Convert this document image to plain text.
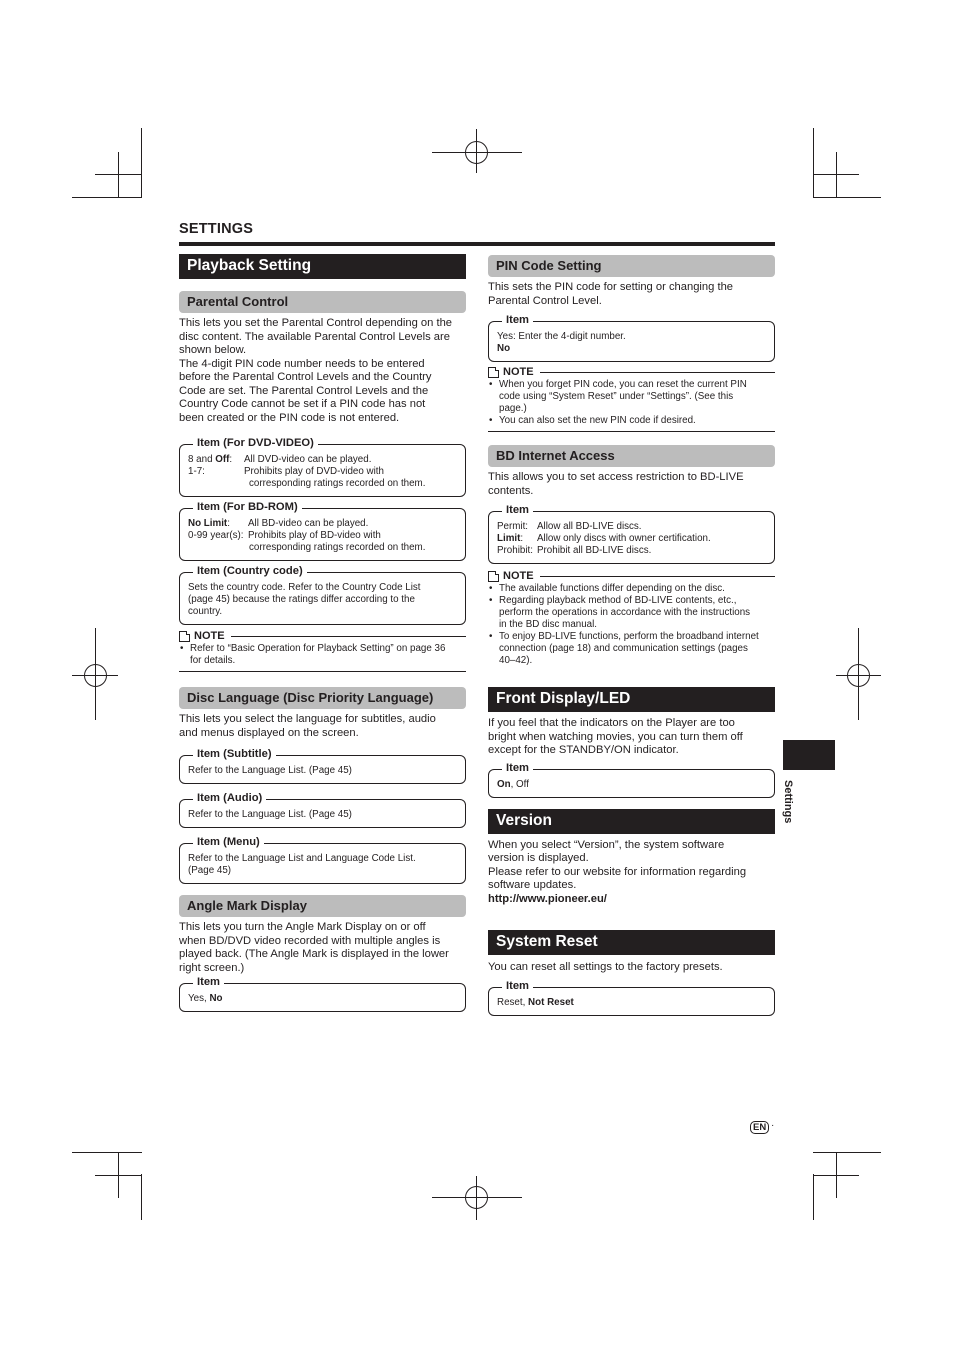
SETTINGS
Playback Setting
Parental Control
This lets you set the Parental Control depending on the
disc content. The available Parental Control Levels are
shown below.
The 4-digit PIN code number needs to be entered
before the Parental Control Levels and the Country
Code are set. The Parental Control Levels and the
Country Code cannot be set if a PIN code has not
been created or the PIN code is not entered.
Item (For DVD-VIDEO)
8 and Off:	All DVD-video can be played.
1-7:	Prohibits play of DVD-video with
corresponding ratings recorded on them.
Item (For BD-ROM)
No Limit:	All BD-video can be played.
0-99 year(s): Prohibits play of BD-video with
corresponding ratings recorded on them.
Item (Country code)
Sets the country code. Refer to the Country Code List
(page 45) because the ratings differ according to the
country.
NOTE
• Refer to “Basic Operation for Playback Setting” on page 36
for details.
Disc Language (Disc Priority Language)
This lets you select the language for subtitles, audio
and menus displayed on the screen.
Item (Subtitle)
Refer to the Language List. (Page 45)
Item (Audio)
Refer to the Language List. (Page 45)
Item (Menu)
Refer to the Language List and Language Code List.
(Page 45)
Angle Mark Display
This lets you turn the Angle Mark Display on or off
when BD/DVD video recorded with multiple angles is
played back. (The Angle Mark is displayed in the lower
right screen.)
Item
Yes, No
PIN Code Setting
This sets the PIN code for setting or changing the
Parental Control Level.
Item
Yes: Enter the 4-digit number.
No
NOTE
• When you forget PIN code, you can reset the current PIN
code using “System Reset” under “Settings”. (See this
page.)
• You can also set the new PIN code if desired.
BD Internet Access
This allows you to set access restriction to BD-LIVE
contents.
Item
Permit: Allow all BD-LIVE discs.
Limit:	Allow only discs with owner certification.
Prohibit: Prohibit all BD-LIVE discs.
NOTE
• The available functions differ depending on the disc.
• Regarding playback method of BD-LIVE contents, etc.,
perform the operations in accordance with the instructions
in the BD disc manual.
• To enjoy BD-LIVE functions, perform the broadband internet
connection (page 18) and communication settings (pages
40–42).
Front Display/LED
If you feel that the indicators on the Player are too
bright when watching movies, you can turn them off
except for the STANDBY/ON indicator.
Item
On, Off
Version
When you select “Version”, the system software
version is displayed.
Please refer to our website for information regarding
software updates.
http://www.pioneer.eu/
System Reset
You can reset all settings to the factory presets.
Item
Reset, Not Reset
Settings
EN ·
